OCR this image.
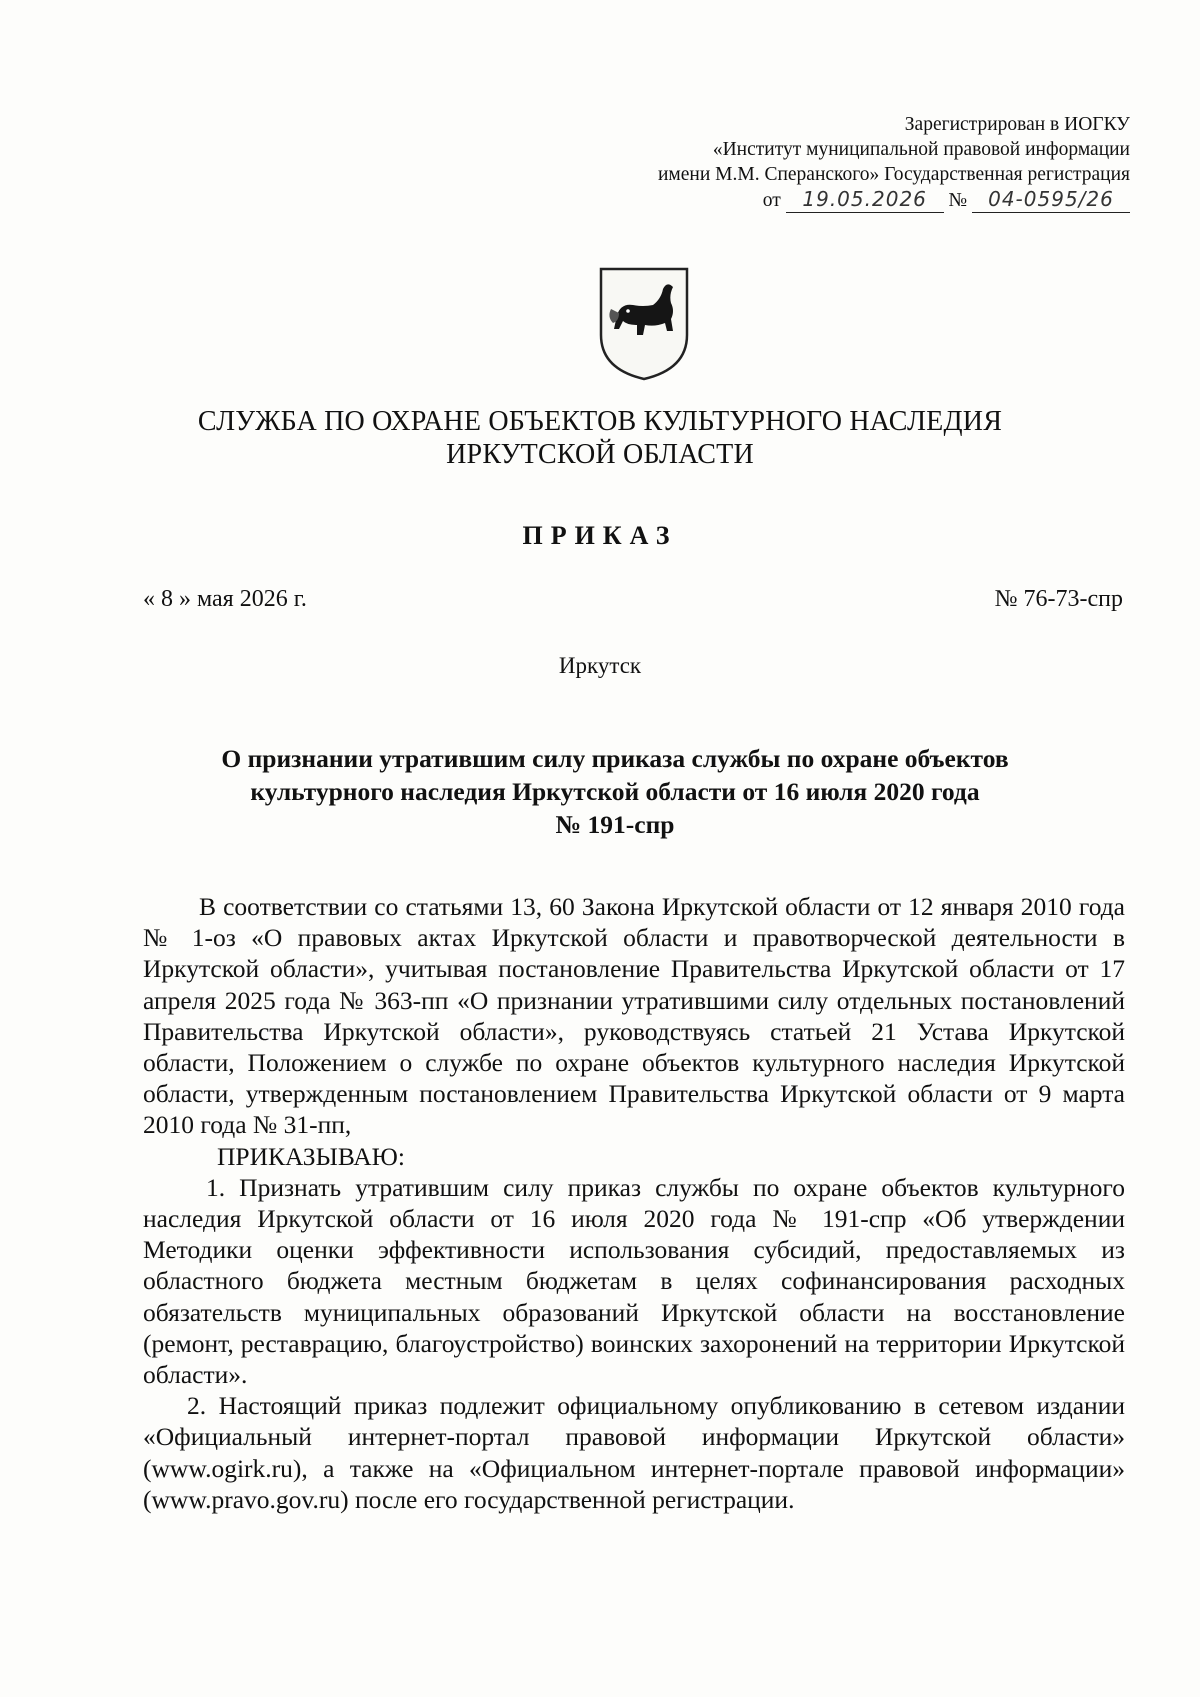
Зарегистрирован в ИОГКУ
«Институт муниципальной правовой информации
имени М.М. Сперанского» Государственная регистрация
от 19.05.2026 № 04-0595/26
СЛУЖБА ПО ОХРАНЕ ОБЪЕКТОВ КУЛЬТУРНОГО НАСЛЕДИЯ
ИРКУТСКОЙ ОБЛАСТИ
ПРИКАЗ
« 8 » мая 2026 г.	№ 76-73-спр
Иркутск
О признании утратившим силу приказа службы по охране объектов
культурного наследия Иркутской области от 16 июля 2020 года
№ 191-спр

В соответствии со статьями 13, 60 Закона Иркутской области от 12 января 2010 года № 1-оз «О правовых актах Иркутской области и правотворческой деятельности в Иркутской области», учитывая постановление Правительства Иркутской области от 17 апреля 2025 года № 363-пп «О признании утратившими силу отдельных постановлений Правительства Иркутской области», руководствуясь статьей 21 Устава Иркутской области, Положением о службе по охране объектов культурного наследия Иркутской области, утвержденным постановлением Правительства Иркутской области от 9 марта 2010 года № 31-пп,

ПРИКАЗЫВАЮ:

1. Признать утратившим силу приказ службы по охране объектов культурного наследия Иркутской области от 16 июля 2020 года № 191-спр «Об утверждении Методики оценки эффективности использования субсидий, предоставляемых из областного бюджета местным бюджетам в целях софинансирования расходных обязательств муниципальных образований Иркутской области на восстановление (ремонт, реставрацию, благоустройство) воинских захоронений на территории Иркутской области».

2. Настоящий приказ подлежит официальному опубликованию в сетевом издании «Официальный интернет-портал правовой информации Иркутской области» (www.ogirk.ru), а также на «Официальном интернет-портале правовой информации» (www.pravo.gov.ru) после его государственной регистрации.
